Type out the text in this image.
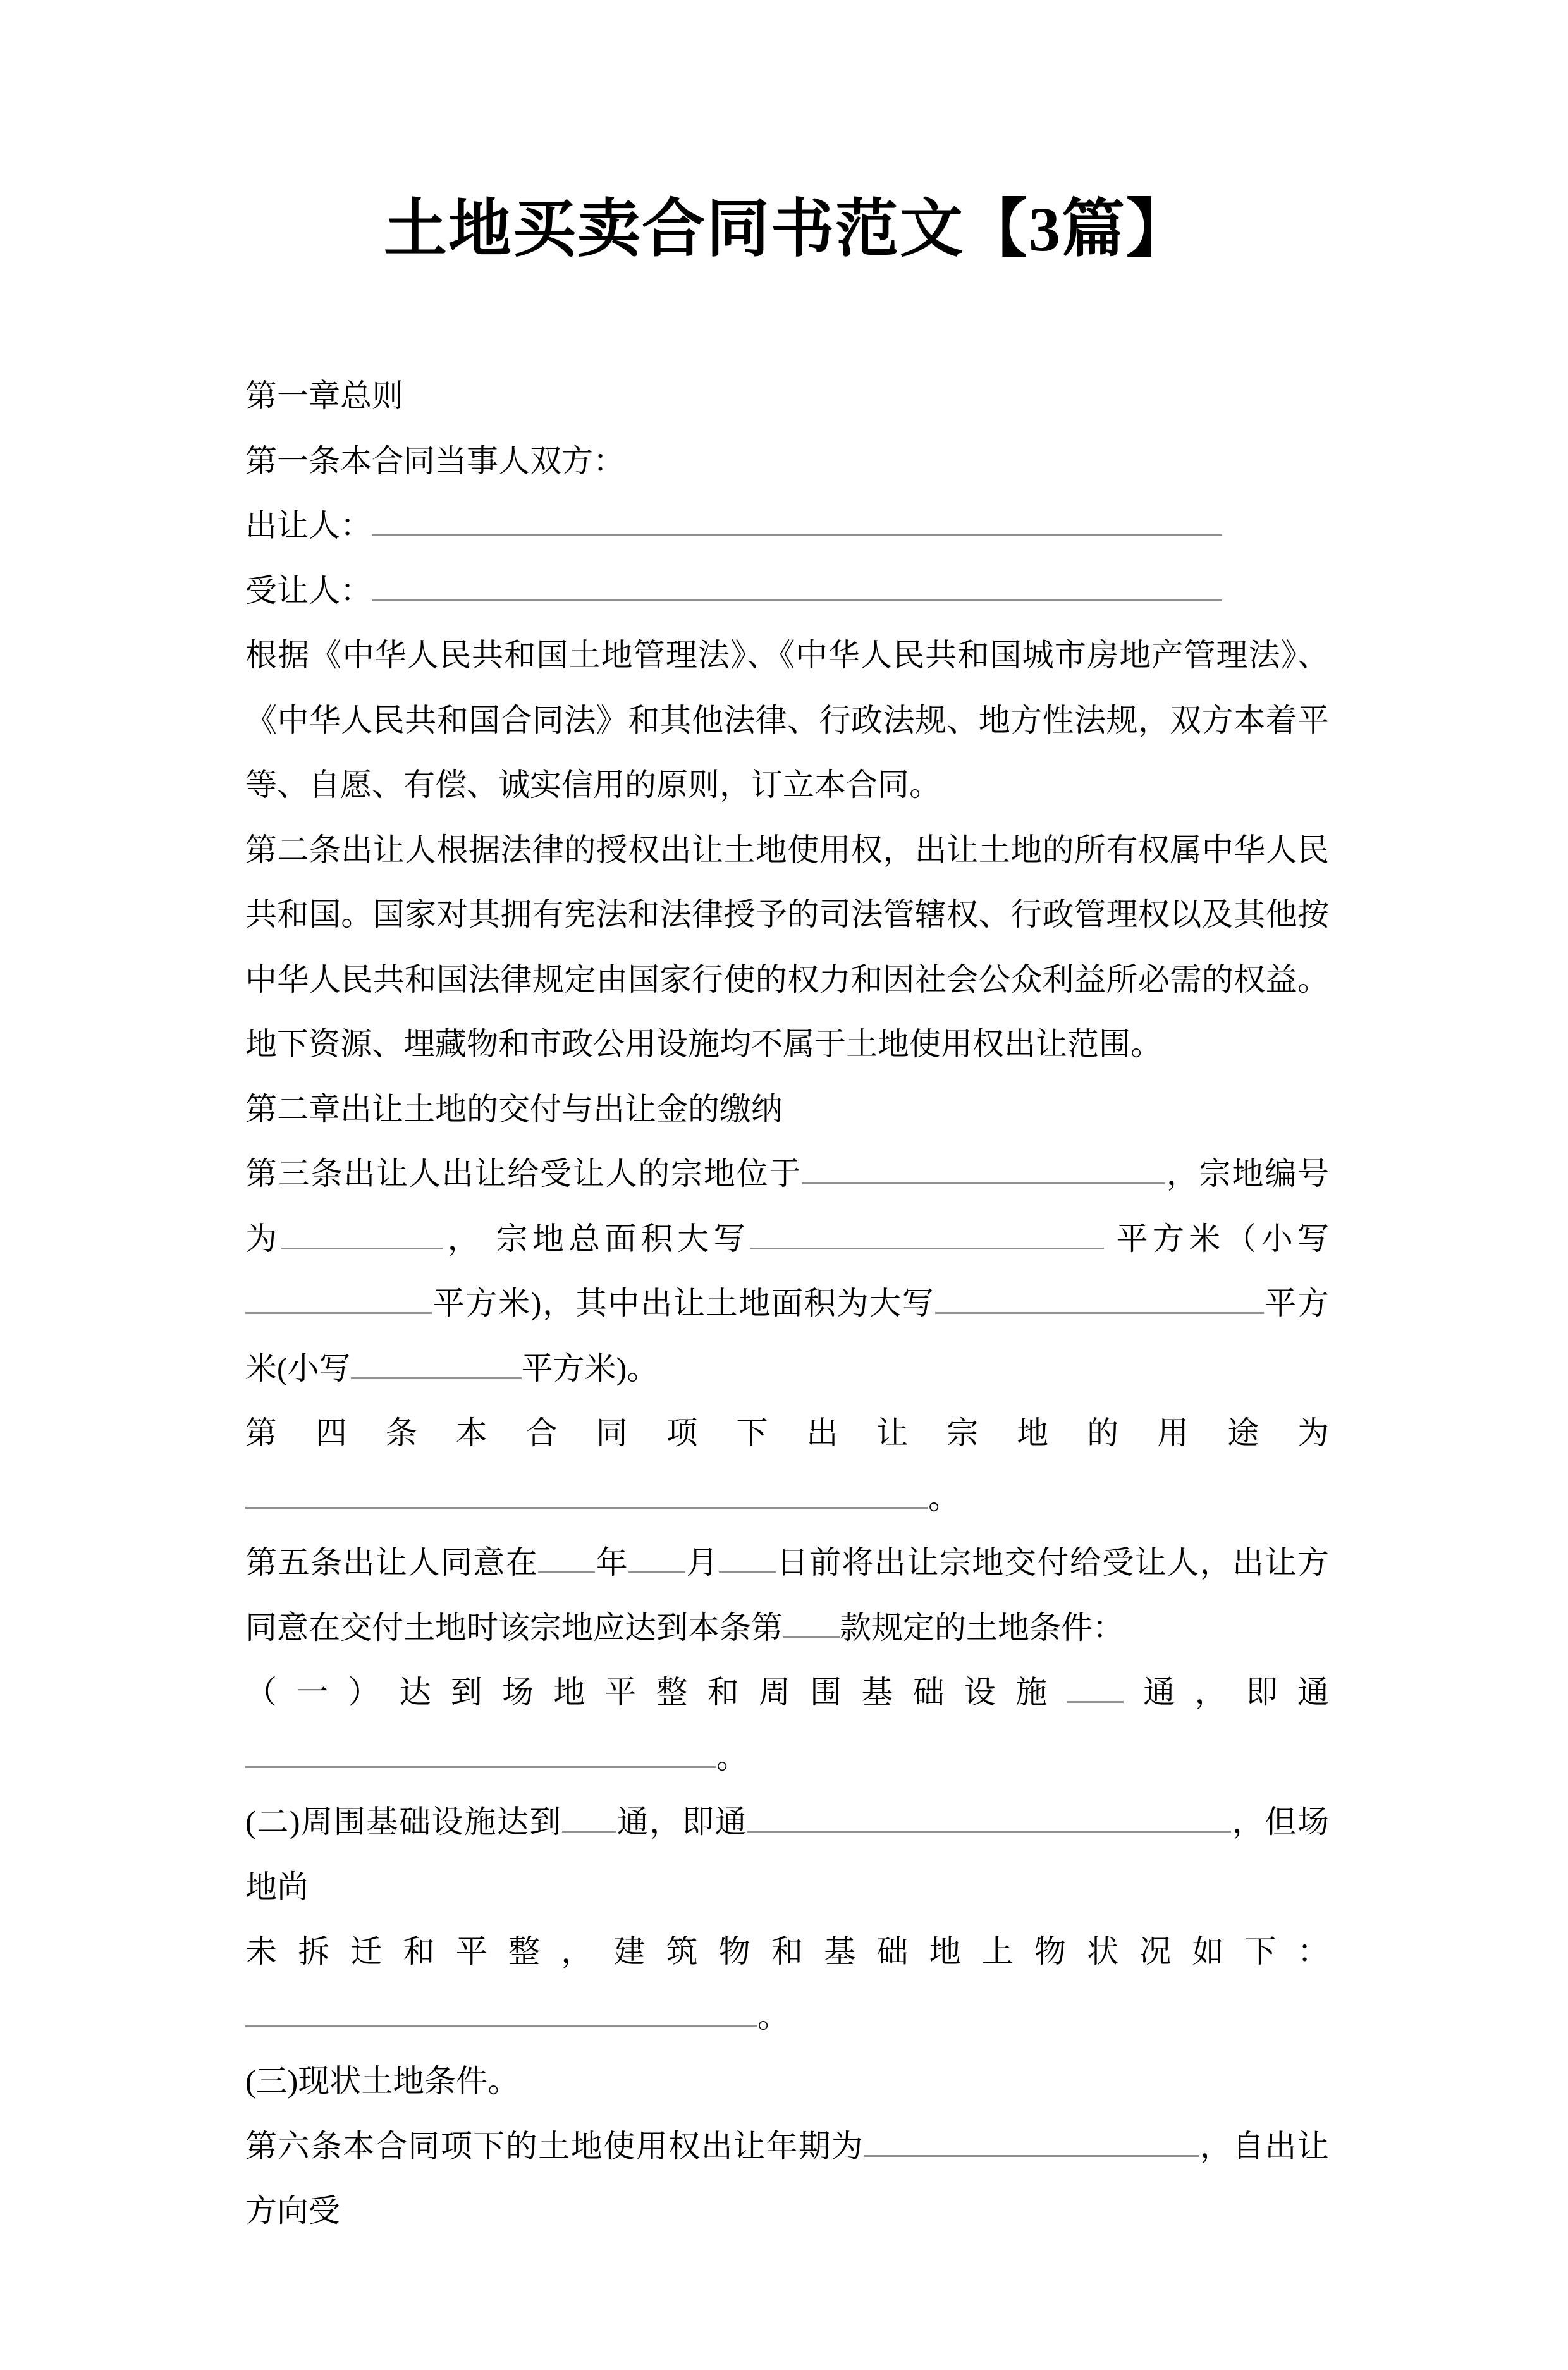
土地买卖合同书范文【3篇】

第一章总则

第一条本合同当事人双方：

出让人：

受让人：

根据《中华人民共和国土地管理法》、《中华人民共和国城市房地产管理法》、《中华人民共和国合同法》和其他法律、行政法规、地方性法规，双方本着平等、自愿、有偿、诚实信用的原则，订立本合同。

第二条出让人根据法律的授权出让土地使用权，出让土地的所有权属中华人民共和国。国家对其拥有宪法和法律授予的司法管辖权、行政管理权以及其他按中华人民共和国法律规定由国家行使的权力和因社会公众利益所必需的权益。地下资源、埋藏物和市政公用设施均不属于土地使用权出让范围。

第二章出让土地的交付与出让金的缴纳

第三条出让人出让给受让人的宗地位于	，宗地编号为	， 宗地总面积大写	平方米（小写平方米)，其中出让土地面积为大写	平方米(小写	平方米)。

第四条本合同项下出让宗地的用途为

。

第五条出让人同意在 年 月 日前将出让宗地交付给受让人，出让方同意在交付土地时该宗地应达到本条第 款规定的土地条件：

（一）达到场地平整和周围基础设施 通，即通

。

(二)周围基础设施达到 通，即通	，但场地尚

未拆迁和平整，建筑物和基础地上物状况如下：

。

(三)现状土地条件。

第六条本合同项下的土地使用权出让年期为	，自出让方向受
